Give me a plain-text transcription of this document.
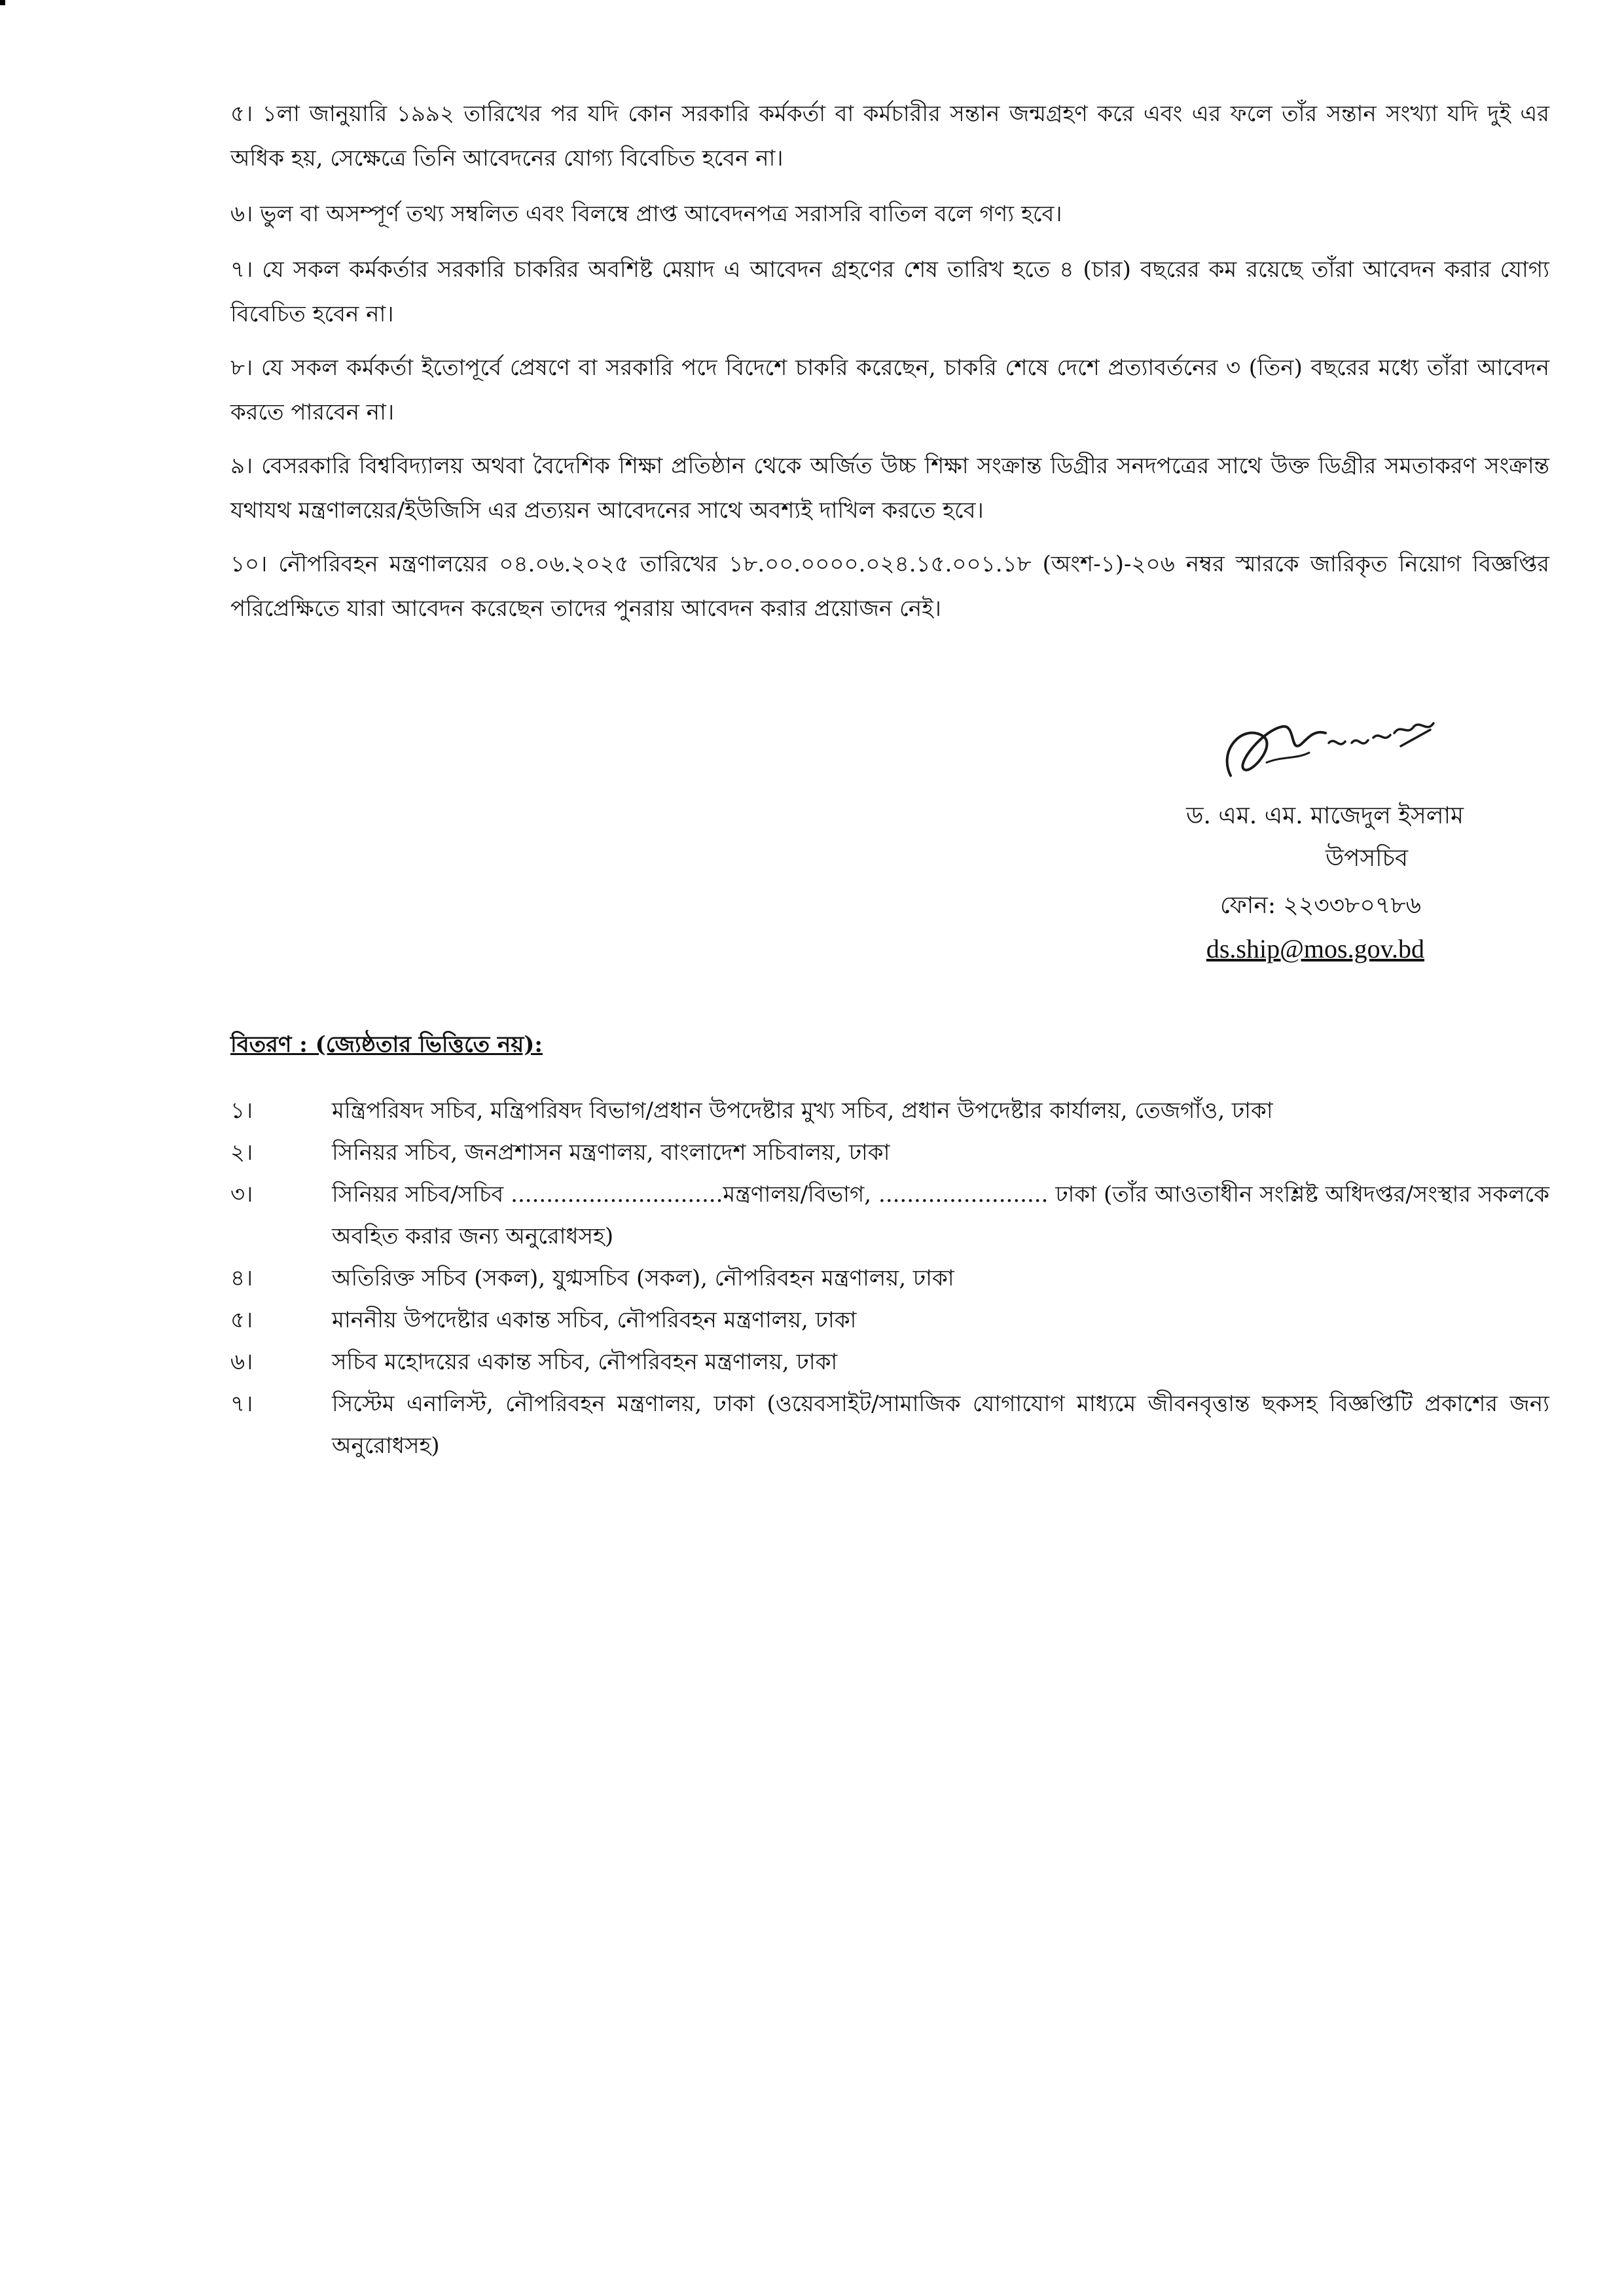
৫। ১লা জানুয়ারি ১৯৯২ তারিখের পর যদি কোন সরকারি কর্মকর্তা বা কর্মচারীর সন্তান জন্মগ্রহণ করে এবং এর ফলে তাঁর সন্তান সংখ্যা যদি দুই এর অধিক হয়, সেক্ষেত্রে তিনি আবেদনের যোগ্য বিবেচিত হবেন না।

৬। ভুল বা অসম্পূর্ণ তথ্য সম্বলিত এবং বিলম্বে প্রাপ্ত আবেদনপত্র সরাসরি বাতিল বলে গণ্য হবে।

৭। যে সকল কর্মকর্তার সরকারি চাকরির অবশিষ্ট মেয়াদ এ আবেদন গ্রহণের শেষ তারিখ হতে ৪ (চার) বছরের কম রয়েছে তাঁরা আবেদন করার যোগ্য বিবেচিত হবেন না।

৮। যে সকল কর্মকর্তা ইতোপূর্বে প্রেষণে বা সরকারি পদে বিদেশে চাকরি করেছেন, চাকরি শেষে দেশে প্রত্যাবর্তনের ৩ (তিন) বছরের মধ্যে তাঁরা আবেদন করতে পারবেন না।

৯। বেসরকারি বিশ্ববিদ্যালয় অথবা বৈদেশিক শিক্ষা প্রতিষ্ঠান থেকে অর্জিত উচ্চ শিক্ষা সংক্রান্ত ডিগ্রীর সনদপত্রের সাথে উক্ত ডিগ্রীর সমতাকরণ সংক্রান্ত যথাযথ মন্ত্রণালয়ের/ইউজিসি এর প্রত্যয়ন আবেদনের সাথে অবশ্যই দাখিল করতে হবে।

১০। নৌপরিবহন মন্ত্রণালয়ের ০৪.০৬.২০২৫ তারিখের ১৮.০০.০০০০.০২৪.১৫.০০১.১৮ (অংশ-১)-২০৬ নম্বর স্মারকে জারিকৃত নিয়োগ বিজ্ঞপ্তির পরিপ্রেক্ষিতে যারা আবেদন করেছেন তাদের পুনরায় আবেদন করার প্রয়োজন নেই।

ড. এম. এম. মাজেদুল ইসলাম
উপসচিব
ফোন: ২২৩৩৮০৭৮৬
ds.ship@mos.gov.bd
বিতরণ : (জ্যেষ্ঠতার ভিত্তিতে নয়):
১।	মন্ত্রিপরিষদ সচিব, মন্ত্রিপরিষদ বিভাগ/প্রধান উপদেষ্টার মুখ্য সচিব, প্রধান উপদেষ্টার কার্যালয়, তেজগাঁও, ঢাকা
২।	সিনিয়র সচিব, জনপ্রশাসন মন্ত্রণালয়, বাংলাদেশ সচিবালয়, ঢাকা
৩।	সিনিয়র সচিব/সচিব ..............................মন্ত্রণালয়/বিভাগ, ........................ ঢাকা (তাঁর আওতাধীন সংশ্লিষ্ট অধিদপ্তর/সংস্থার সকলকে অবহিত করার জন্য অনুরোধসহ)
৪।	অতিরিক্ত সচিব (সকল), যুগ্মসচিব (সকল), নৌপরিবহন মন্ত্রণালয়, ঢাকা
৫।	মাননীয় উপদেষ্টার একান্ত সচিব, নৌপরিবহন মন্ত্রণালয়, ঢাকা
৬।	সচিব মহোদয়ের একান্ত সচিব, নৌপরিবহন মন্ত্রণালয়, ঢাকা
৭।	সিস্টেম এনালিস্ট, নৌপরিবহন মন্ত্রণালয়, ঢাকা (ওয়েবসাইট/সামাজিক যোগাযোগ মাধ্যমে জীবনবৃত্তান্ত ছকসহ বিজ্ঞপ্তিটি প্রকাশের জন্য অনুরোধসহ)
